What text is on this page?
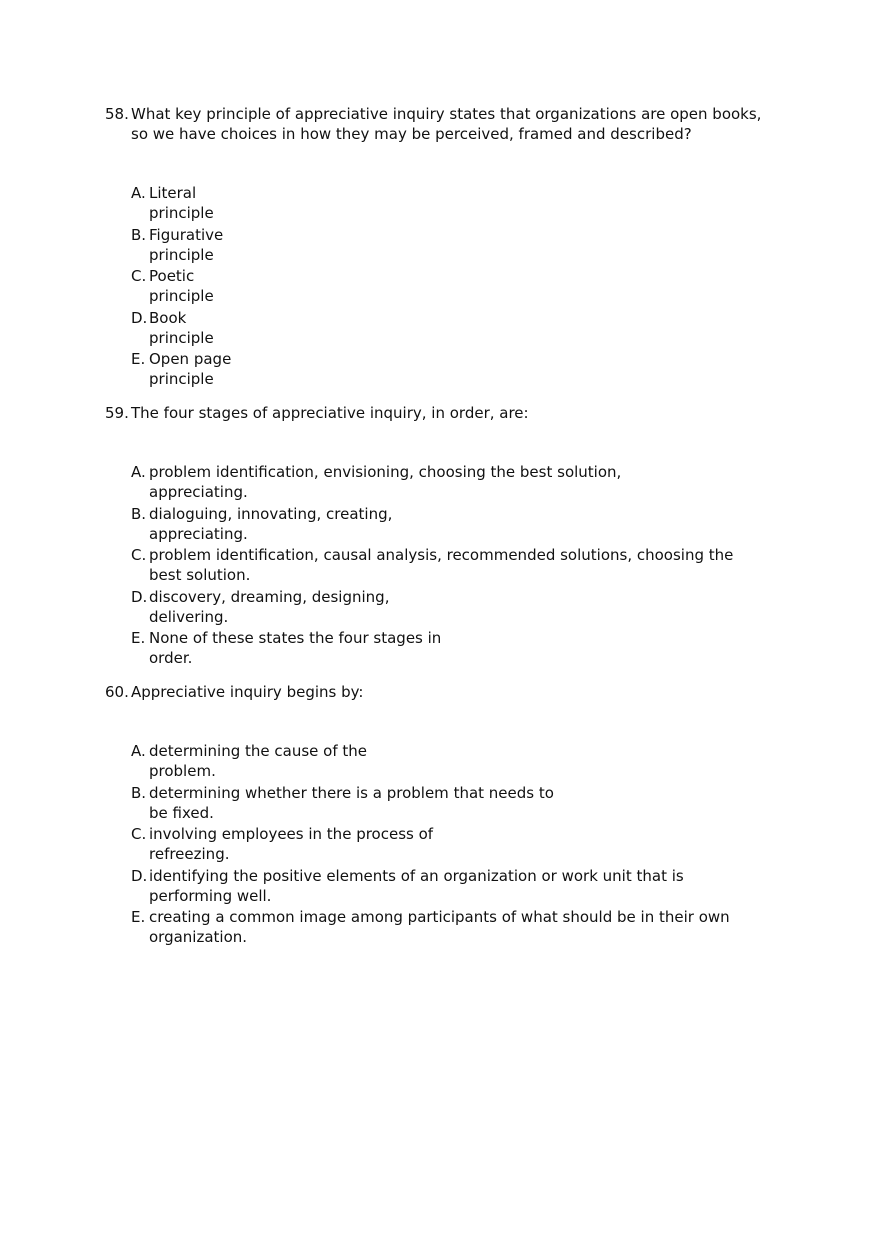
58. What key principle of appreciative inquiry states that organizations are open books, so we have choices in how they may be perceived, framed and described?
A. Literal principle
B. Figurative principle
C. Poetic principle
D. Book principle
E. Open page principle
59. The four stages of appreciative inquiry, in order, are:
A. problem identification, envisioning, choosing the best solution, appreciating.
B. dialoguing, innovating, creating, appreciating.
C. problem identification, causal analysis, recommended solutions, choosing the best solution.
D. discovery, dreaming, designing, delivering.
E. None of these states the four stages in order.
60. Appreciative inquiry begins by:
A. determining the cause of the problem.
B. determining whether there is a problem that needs to be fixed.
C. involving employees in the process of refreezing.
D. identifying the positive elements of an organization or work unit that is performing well.
E. creating a common image among participants of what should be in their own organization.
